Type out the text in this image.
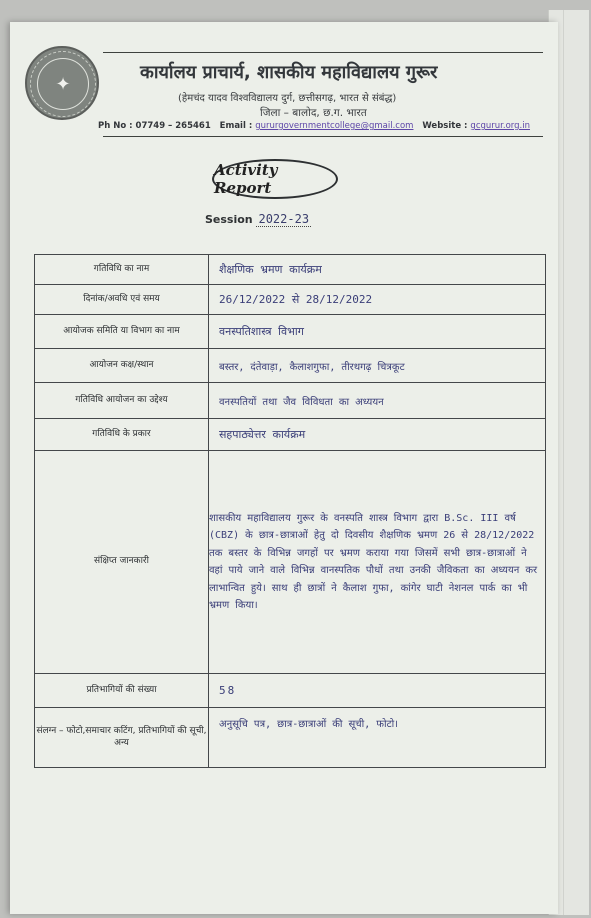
✦
कार्यालय प्राचार्य, शासकीय महाविद्यालय गुरूर
(हेमचंद यादव विश्वविद्यालय दुर्ग, छत्तीसगढ़, भारत से संबंद्ध)
जिला – बालोद, छ.ग. भारत
Ph No : 07749 – 265461 Email : gururgovernmentcollege@gmail.com Website : gcgurur.org.in
Activity Report
Session 2022-23
गतिविधि का नाम	शैक्षणिक भ्रमण कार्यक्रम
दिनांक/अवधि एवं समय	26/12/2022 से 28/12/2022
आयोजक समिति या विभाग का नाम	वनस्पतिशास्त्र विभाग
आयोजन कक्ष/स्थान	बस्तर, दंतेवाड़ा, कैलाशगुफा, तीरथगढ़ चित्रकूट
गतिविधि आयोजन का उद्देश्य	वनस्पतियों तथा जैव विविधता का अध्ययन
गतिविधि के प्रकार	सहपाठ्येत्तर कार्यक्रम
संक्षिप्त जानकारी	शासकीय महाविद्यालय गुरूर के वनस्पति शास्त्र विभाग द्वारा B.Sc. III वर्ष (CBZ) के छात्र-छात्राओं हेतु दो दिवसीय शैक्षणिक भ्रमण 26 से 28/12/2022 तक बस्तर के विभिन्न जगहों पर भ्रमण कराया गया जिसमें सभी छात्र-छात्राओं ने वहां पाये जाने वाले विभिन्न वानस्पतिक पौधों तथा उनकी जैविकता का अध्ययन कर लाभान्वित हुये। साथ ही छात्रों ने कैलाश गुफा, कांगेर घाटी नेशनल पार्क का भी भ्रमण किया।
प्रतिभागियों की संख्या	58
संलग्न – फोटो,समाचार कटिंग, प्रतिभागियों की सूची, अन्य	अनुसूचि पत्र, छात्र-छात्राओं की सूची, फोटो।
